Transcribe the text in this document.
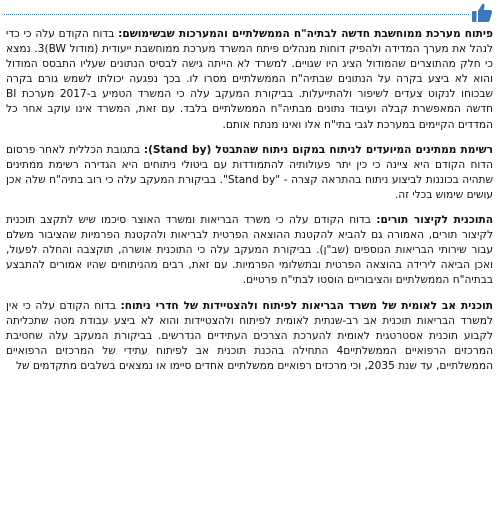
פיתוח מערכת ממוחשבת חדשה לבתיה"ח הממשלתיים והמערכות שבשימושם: בדוח הקודם עלה כי כדי לנהל את מערך המדידה ולהפיק דוחות מנהלים פיתח המשרד מערכת ממוחשבת ייעודית (מודול BW)3. נמצא כי חלק מהתוצרים שהמודול הציג היו שגויים. למשרד לא הייתה גישה לבסיס הנתונים שעליו התבסס המודול והוא לא ביצע בקרה על הנתונים שבתיה"ח הממשלתיים מסרו לו. בכך נפגעה יכולתו לשמש גורם בקרה שבכוחו לנקוט צעדים לשיפור ולהתייעלות. בביקורת המעקב עלה כי המשרד הטמיע ב-2017 מערכת BI חדשה המאפשרת קבלה ועיבוד נתונים מבתיה"ח הממשלתיים בלבד. עם זאת, המשרד אינו עוקב אחר כל המדדים הקיימים במערכת לגבי בתי"ח אלו ואינו מנתח אותם.

רשימת ממתינים המיועדים לניתוח במקום ניתוח שהתבטל (Stand by): בתגובת הכללית לאחר פרסום הדוח הקודם היא ציינה כי כין יתר פעולותיה להתמודדות עם ביטולי ניתוחים היא הגדירה רשימת ממתינים שתהיה בכוננות לביצוע ניתוח בהתראה קצרה - "Stand by". בביקורת המעקב עלה כי רוב בתיה"ח שלה אכן עושים שימוש בכלי זה.

התוכנית לקיצור תורים: בדוח הקודם עלה כי משרד הבריאות ומשרד האוצר סיכמו שיש לתקצב תוכנית לקיצור תורים, האמורה גם להביא להקטנת ההוצאה הפרטית לבריאות ולהקטנת הפרמיות שהציבור משלם עבור שירותי הבריאות הנוספים (שב"ן). בביקורת המעקב עלה כי התוכנית אושרה, תוקצבה והחלה לפעול, ואכן הביאה לירידה בהוצאה הפרטית ובתשלומי הפרמיות. עם זאת, רבים מהניתוחים שהיו אמורים להתבצע בבתיה"ח הממשלתיים והציבוריים הוסטו לבתי"ח פרטיים.

תוכנית אב לאומית של משרד הבריאות לפיתוח ולהצטיידות של חדרי ניתוח: בדוח הקודם עלה כי אין למשרד הבריאות תוכנית אב רב-שנתית לאומית לפיתוח ולהצטיידות והוא לא ביצע עבודת מטה שתכליתה לקבוע תוכנית אסטרטגית לאומית להערכת הצרכים העתידיים הנדרשים. בביקורת המעקב עלה שחטיבת המרכזים הרפואיים הממשלתיים4 התחילה בהכנת תוכנית אב לפיתוח עתידי של המרכזים הרפואיים הממשלתיים, עד שנת 2035, וכי מרכזים רפואיים ממשלתיים אחדים סיימו או נמצאים בשלבים מתקדמים של
